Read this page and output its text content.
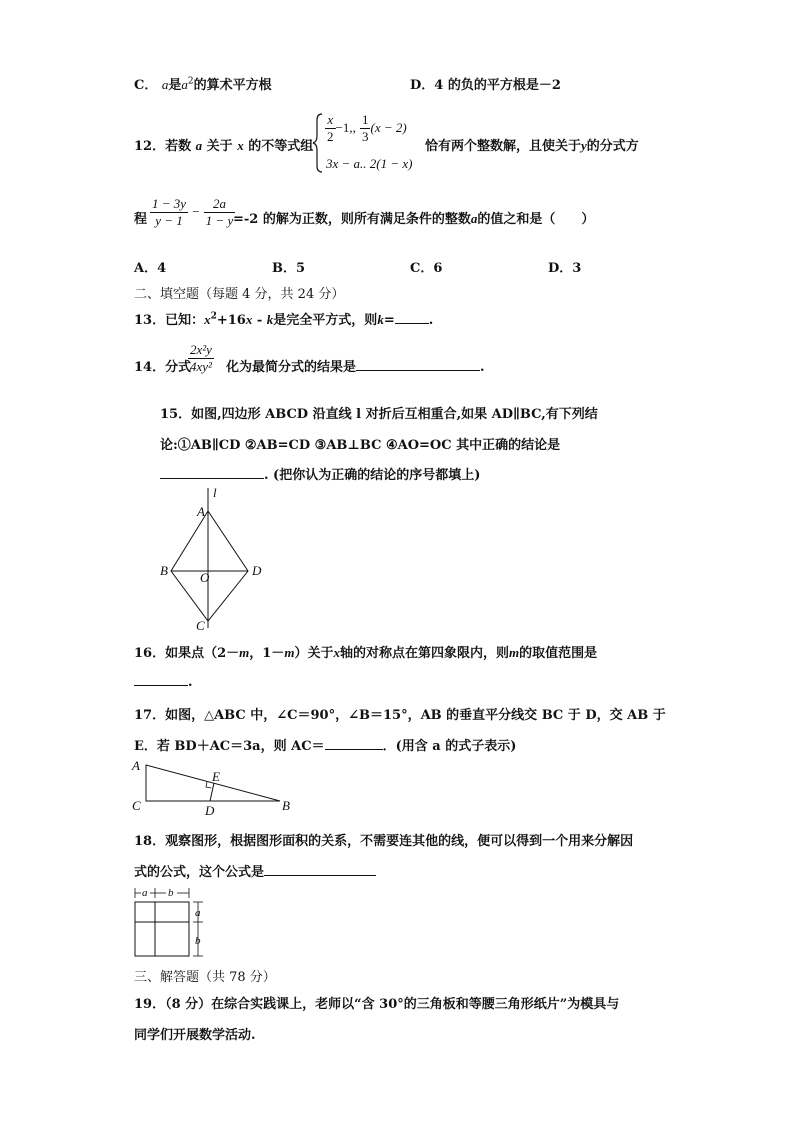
C． a是$a^2$的算术平方根	D．4 的负的平方根是－2
12．若数 a 关于 x 的不等式组
$\frac{x}{2} -1$,, $\frac{1}{3} (x - 2)$
3x − a.. 2(1 − x)
恰有两个整数解，且使关于y的分式方
程 $\frac{1 - 3y}{y - 1} - \frac{2a}{1 - y}$
=-2 的解为正数，则所有满足条件的整数a的值之和是（　　）
A．4	B．5	C．6	D．3
二、填空题（每题 4 分，共 24 分）
13．已知：$x^2+16x - k$是完全平方式，则k=	.
14．分式
$\frac{\text{2x²y}}{\text{4xy²}}$ 化为最简分式的结果是	.
15．如图,四边形 ABCD 沿直线 l 对折后互相重合,如果 AD∥BC,有下列结
论:①AB∥CD ②AB=CD ③AB⊥BC ④AO=OC 其中正确的结论是
. (把你认为正确的结论的序号都填上)
l
A
B	D
O
C
16．如果点（2－m，1－m）关于x轴的对称点在第四象限内，则m的取值范围是
.
17．如图，△ABC 中，∠C＝90°，∠B＝15°，AB 的垂直平分线交 BC 于 D，交 AB 于
E．若 BD＋AC＝3a，则 AC＝	．(用含 a 的式子表示)
A
C
E
D	B
18．观察图形，根据图形面积的关系，不需要连其他的线，便可以得到一个用来分解因
式的公式，这个公式是
a b
a
b
三、解答题（共 78 分）
19．（8 分）在综合实践课上，老师以“含 30°的三角板和等腰三角形纸片”为模具与
同学们开展数学活动.
